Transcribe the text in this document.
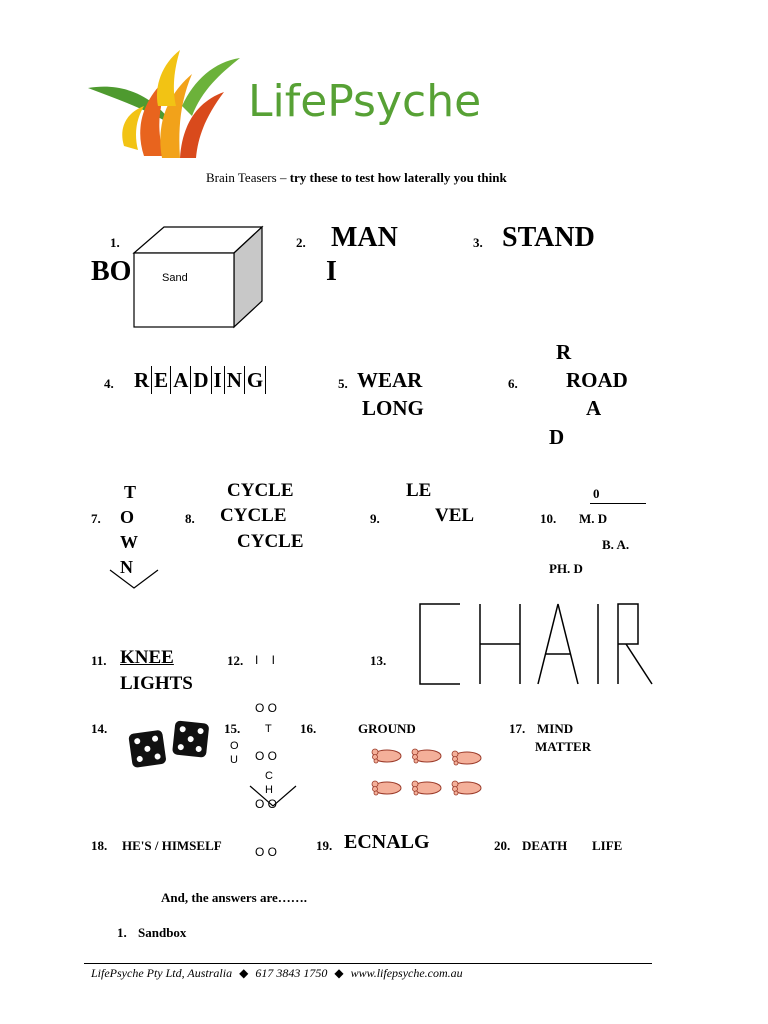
LifePsyche
Brain Teasers – try these to test how laterally you think
1.
BO	Sand
2. MAN
I
3. STAND
4. R E A D I N G	5. WEAR
LONG
6.
R
ROAD
A
D
7.
T
O
W
N
8.
CYCLE
CYCLE
CYCLE
9.
LE
VEL	10.
0
M. D
B. A.
PH. D
11. KNEE
LIGHTS
12.

I    I

O O

O O

O O

O O

13.
14.	15. T
O
U
C
H
16.	GROUND	17. MIND
MATTER
18. HE'S / HIMSELF	19. ECNALG	20. DEATH LIFE
And, the answers are…….
1. Sandbox
LifePsyche Pty Ltd, Australia ◆ 617 3843 1750 ◆ www.lifepsyche.com.au
